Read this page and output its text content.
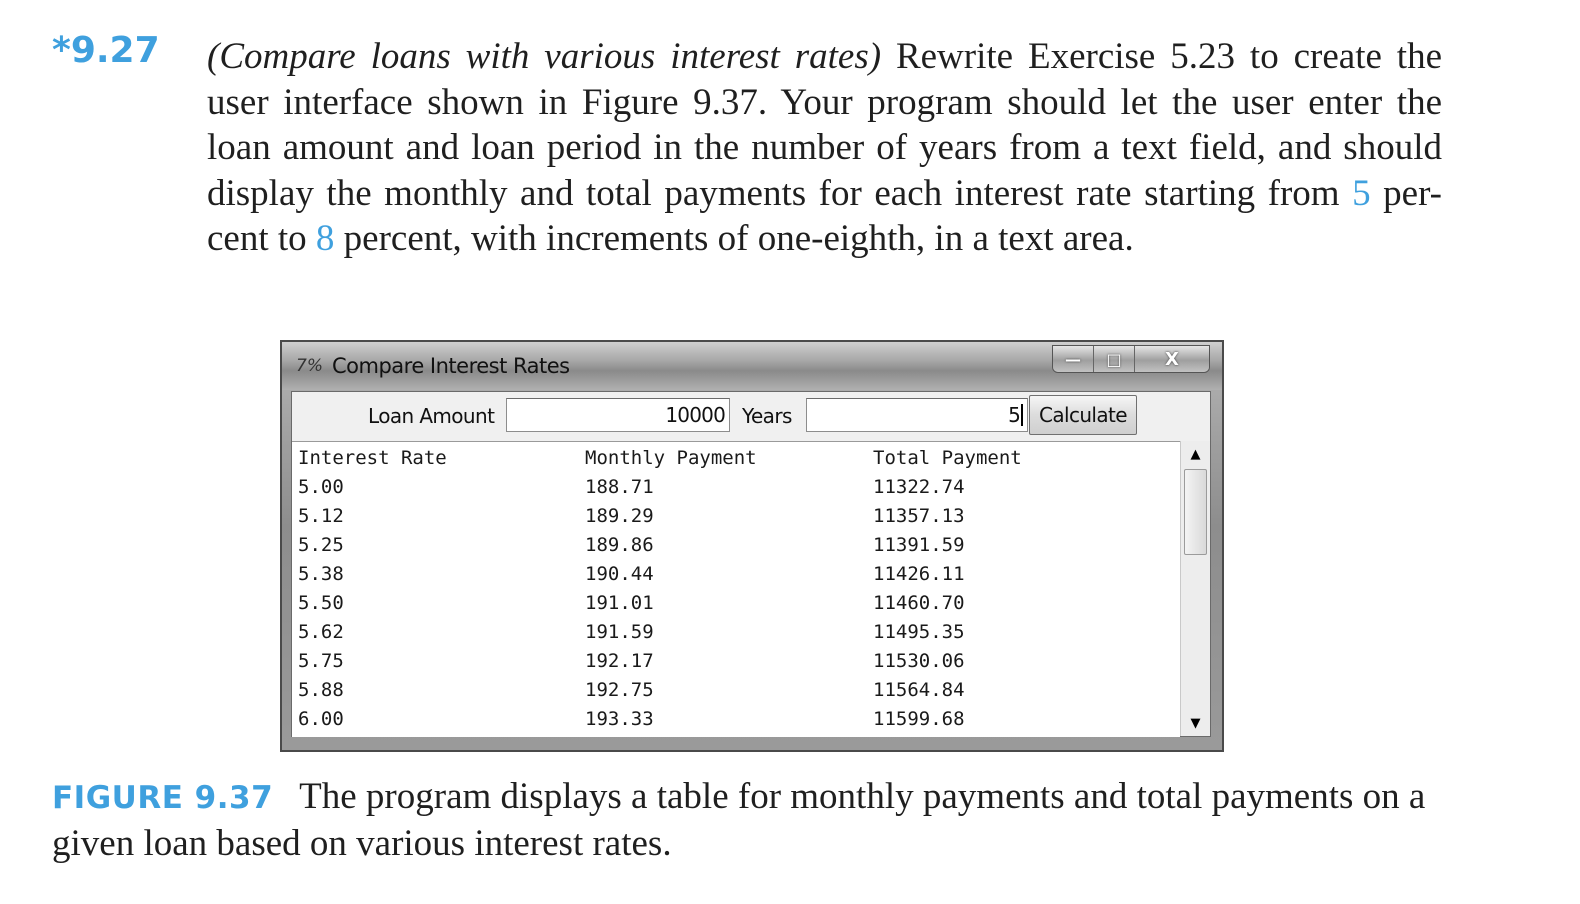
*9.27 (Compare loans with various interest rates) Rewrite Exercise 5.23 to create the user interface shown in Figure 9.37. Your program should let the user enter the loan amount and loan period in the number of years from a text field, and should display the monthly and total payments for each interest rate starting from 5 per-cent to 8 percent, with increments of one-eighth, in a text area.

7% Compare Interest Rates	—	□	X
Loan Amount	10000 Years	5 Calculate
Interest Rate	Monthly Payment	Total Payment
5.00	188.71	11322.74
5.12	189.29	11357.13
5.25	189.86	11391.59
5.38	190.44	11426.11
5.50	191.01	11460.70
5.62	191.59	11495.35
5.75	192.17	11530.06
5.88	192.75	11564.84
6.00	193.33	11599.68
▲
▼

FIGURE 9.37 The program displays a table for monthly payments and total payments on a given loan based on various interest rates.
